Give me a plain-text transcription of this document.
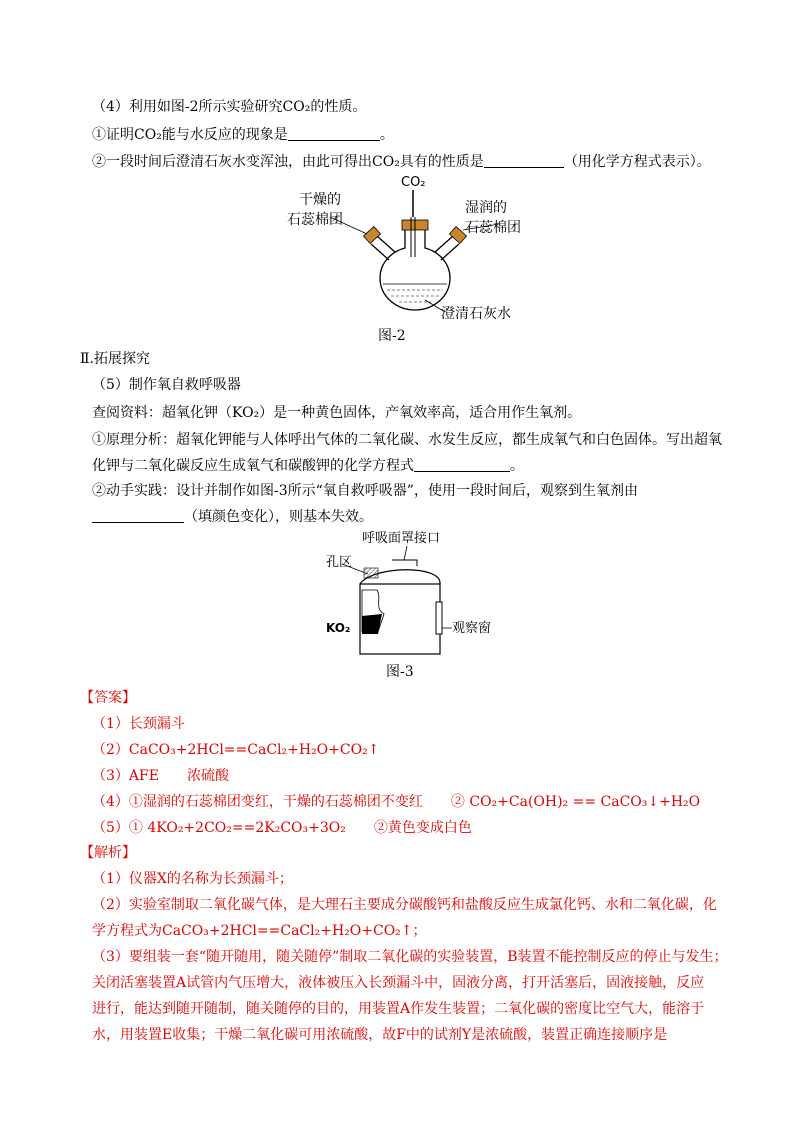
（4）利用如图-2所示实验研究CO₂的性质。
①证明CO₂能与水反应的现象是	。
②一段时间后澄清石灰水变浑浊，由此可得出CO₂具有的性质是	（用化学方程式表示）。
CO₂
干燥的
石蕊棉团
湿润的
石蕊棉团
澄清石灰水
图-2
Ⅱ.拓展探究
（5）制作氧自救呼吸器
查阅资料：超氧化钾（KO₂）是一种黄色固体，产氧效率高，适合用作生氧剂。
①原理分析：超氧化钾能与人体呼出气体的二氧化碳、水发生反应，都生成氧气和白色固体。写出超氧
化钾与二氧化碳反应生成氧气和碳酸钾的化学方程式	。
②动手实践：设计并制作如图-3所示“氧自救呼吸器”，使用一段时间后，观察到生氧剂由
（填颜色变化），则基本失效。
呼吸面罩接口
孔区
KO₂	观察窗
图-3
【答案】
（1）长颈漏斗
（2）CaCO₃+2HCl==CaCl₂+H₂O+CO₂↑
（3）AFE　　浓硫酸
（4）①湿润的石蕊棉团变红，干燥的石蕊棉团不变红　　② CO₂+Ca(OH)₂ == CaCO₃↓+H₂O
（5）① 4KO₂+2CO₂==2K₂CO₃+3O₂　　②黄色变成白色
【解析】
（1）仪器X的名称为长颈漏斗；
（2）实验室制取二氧化碳气体，是大理石主要成分碳酸钙和盐酸反应生成氯化钙、水和二氧化碳，化
学方程式为CaCO₃+2HCl==CaCl₂+H₂O+CO₂↑；
（3）要组装一套“随开随用，随关随停”制取二氧化碳的实验装置，B装置不能控制反应的停止与发生；
关闭活塞装置A试管内气压增大，液体被压入长颈漏斗中，固液分离，打开活塞后，固液接触，反应
进行，能达到随开随制，随关随停的目的，用装置A作发生装置；二氧化碳的密度比空气大，能溶于
水，用装置E收集；干燥二氧化碳可用浓硫酸，故F中的试剂Y是浓硫酸，装置正确连接顺序是
